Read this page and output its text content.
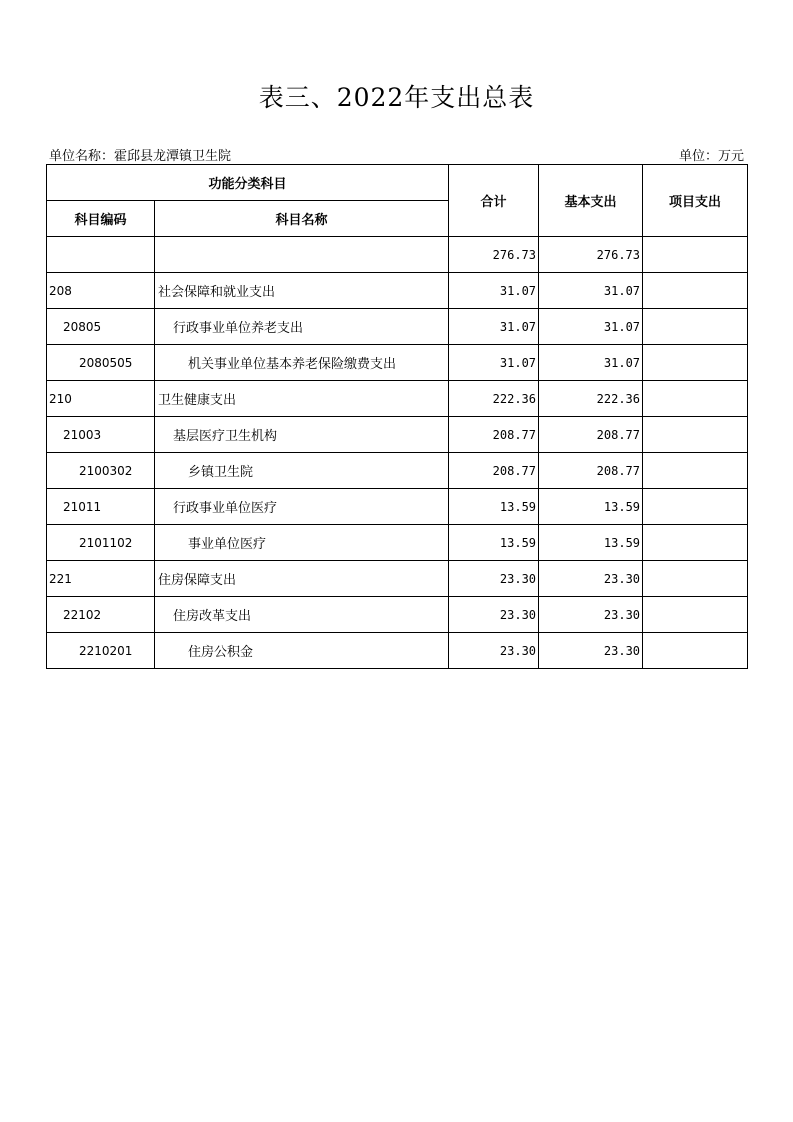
表三、2022年支出总表
单位名称：霍邱县龙潭镇卫生院	单位：万元
功能分类科目		合计	基本支出	项目支出
科目编码	科目名称			
		276.73	276.73	
208	社会保障和就业支出	31.07	31.07	
20805	行政事业单位养老支出	31.07	31.07	
2080505	机关事业单位基本养老保险缴费支出	31.07	31.07	
210	卫生健康支出	222.36	222.36	
21003	基层医疗卫生机构	208.77	208.77	
2100302	乡镇卫生院	208.77	208.77	
21011	行政事业单位医疗	13.59	13.59	
2101102	事业单位医疗	13.59	13.59	
221	住房保障支出	23.30	23.30	
22102	住房改革支出	23.30	23.30	
2210201	住房公积金	23.30	23.30	
